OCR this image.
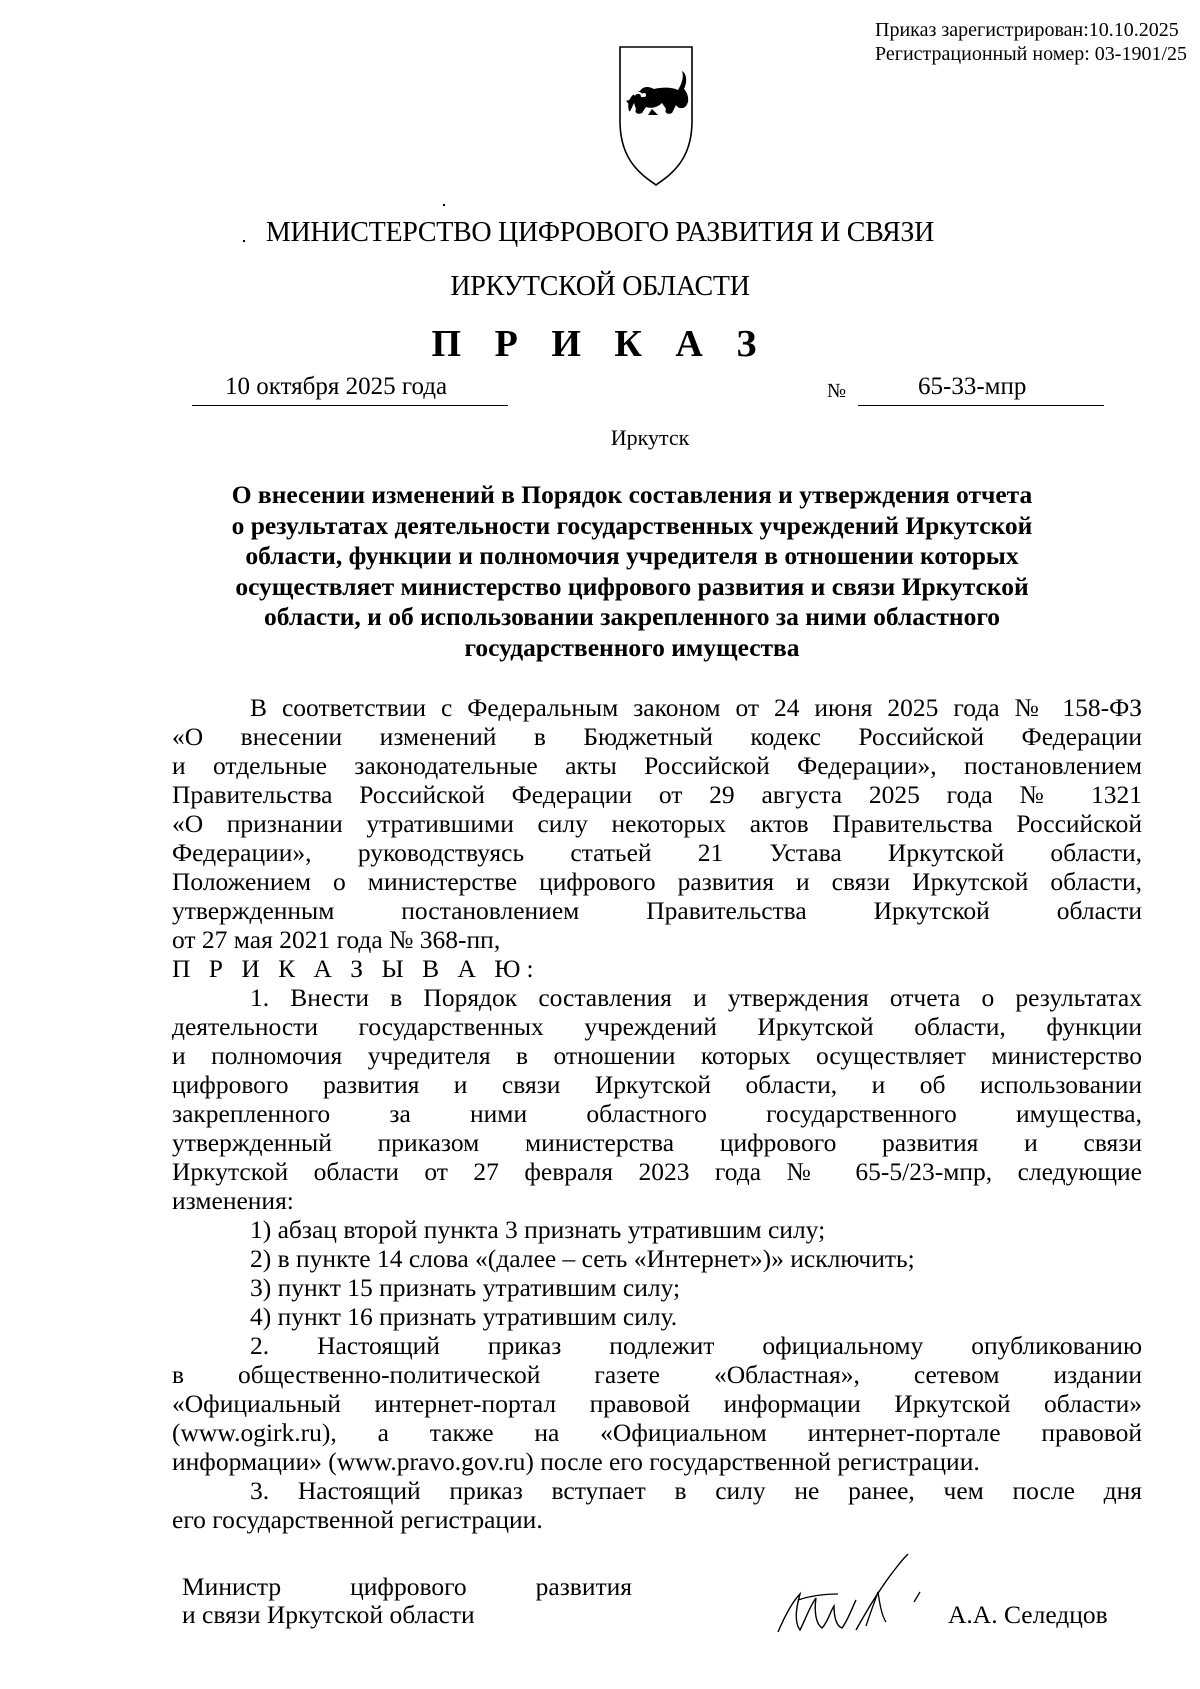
Приказ зарегистрирован:10.10.2025
Регистрационный номер: 03-1901/25
МИНИСТЕРСТВО ЦИФРОВОГО РАЗВИТИЯ И СВЯЗИ
ИРКУТСКОЙ ОБЛАСТИ
П Р И К А З
10 октября 2025 года	№	65-33-мпр
Иркутск
О внесении изменений в Порядок составления и утверждения отчета
о результатах деятельности государственных учреждений Иркутской
области, функции и полномочия учредителя в отношении которых
осуществляет министерство цифрового развития и связи Иркутской
области, и об использовании закрепленного за ними областного
государственного имущества

В соответствии с Федеральным законом от 24 июня 2025 года № 158-ФЗ

«О внесении изменений в Бюджетный кодекс Российской Федерации

и отдельные законодательные акты Российской Федерации», постановлением

Правительства Российской Федерации от 29 августа 2025 года № 1321

«О признании утратившими силу некоторых актов Правительства Российской

Федерации», руководствуясь статьей 21 Устава Иркутской области,

Положением о министерстве цифрового развития и связи Иркутской области,

утвержденным постановлением Правительства Иркутской области

от 27 мая 2021 года № 368-пп,

П Р И К А З Ы В А Ю:

1. Внести в Порядок составления и утверждения отчета о результатах

деятельности государственных учреждений Иркутской области, функции

и полномочия учредителя в отношении которых осуществляет министерство

цифрового развития и связи Иркутской области, и об использовании

закрепленного за ними областного государственного имущества,

утвержденный приказом министерства цифрового развития и связи

Иркутской области от 27 февраля 2023 года № 65-5/23-мпр, следующие

изменения:

1) абзац второй пункта 3 признать утратившим силу;

2) в пункте 14 слова «(далее – сеть «Интернет»)» исключить;

3) пункт 15 признать утратившим силу;

4) пункт 16 признать утратившим силу.

2. Настоящий приказ подлежит официальному опубликованию

в общественно-политической газете «Областная», сетевом издании

«Официальный интернет-портал правовой информации Иркутской области»

(www.ogirk.ru), а также на «Официальном интернет-портале правовой

информации» (www.pravo.gov.ru) после его государственной регистрации.

3. Настоящий приказ вступает в силу не ранее, чем после дня

его государственной регистрации.

Министр цифрового развития
и связи Иркутской области	А.А. Селедцов
